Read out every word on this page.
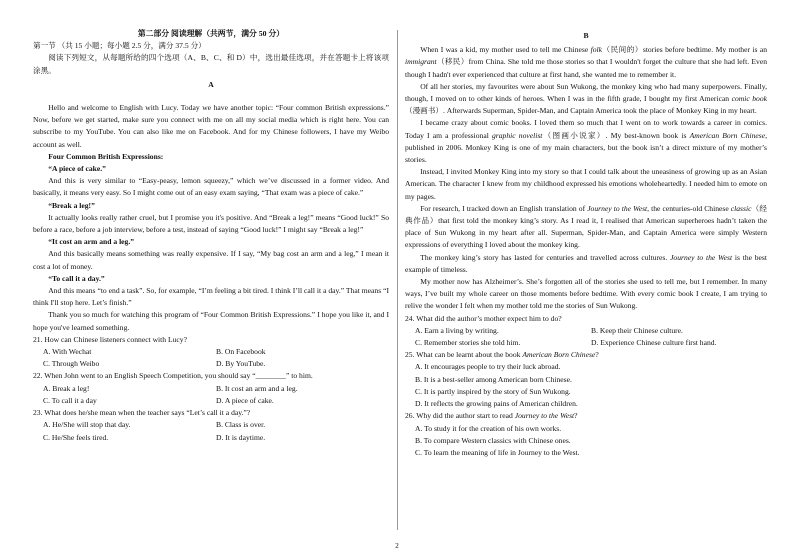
第二部分 阅读理解（共两节，满分 50 分）

第一节 （共 15 小题；每小题 2.5 分，满分 37.5 分）

阅读下列短文，从每题所给的四个选项（A、B、C、和 D）中，选出最佳选项，并在答题卡上将该项涂黑。

A

Hello and welcome to English with Lucy. Today we have another topic: “Four common British expressions.” Now, before we get started, make sure you connect with me on all my social media which is right here. You can subscribe to my YouTube. You can also like me on Facebook. And for my Chinese followers, I have my Weibo account as well.

Four Common British Expressions:

“A piece of cake.”

And this is very similar to “Easy-peasy, lemon squeezy,” which we’ve discussed in a former video. And basically, it means very easy. So I might come out of an easy exam saying, “That exam was a piece of cake.”

“Break a leg!”

It actually looks really rather cruel, but I promise you it's positive. And “Break a leg!” means “Good luck!” So before a race, before a job interview, before a test, instead of saying “Good luck!” I might say “Break a leg!”

“It cost an arm and a leg.”

And this basically means something was really expensive. If I say, “My bag cost an arm and a leg,” I mean it cost a lot of money.

“To call it a day.”

And this means “to end a task”. So, for example, “I’m feeling a bit tired. I think I’ll call it a day.” That means “I think I'll stop here. Let’s finish.”

Thank you so much for watching this program of “Four Common British Expressions.” I hope you like it, and I hope you've learned something.

21. How can Chinese listeners connect with Lucy?

A. With Wechat	B. On Facebook
C. Through Weibo	D. By YouTube.

22. When John went to an English Speech Competition, you should say “________” to him.

A. Break a leg!	B. It cost an arm and a leg.
C. To call it a day	D. A piece of cake.

23. What does he/she mean when the teacher says “Let’s call it a day.”?

A. He/She will stop that day.	B. Class is over.
C. He/She feels tired.	D. It is daytime.

B

When I was a kid, my mother used to tell me Chinese folk（民间的）stories before bedtime. My mother is an immigrant（移民）from China. She told me those stories so that I wouldn't forget the culture that she had left. Even though I hadn't ever experienced that culture at first hand, she wanted me to remember it.

Of all her stories, my favourites were about Sun Wukong, the monkey king who had many superpowers. Finally, though, I moved on to other kinds of heroes. When I was in the fifth grade, I bought my first American comic book（漫画书）. Afterwards Superman, Spider-Man, and Captain America took the place of Monkey King in my heart.

I became crazy about comic books. I loved them so much that I went on to work towards a career in comics. Today I am a professional graphic novelist（图画小说家）. My best-known book is American Born Chinese, published in 2006. Monkey King is one of my main characters, but the book isn’t a direct mixture of my mother’s stories.

Instead, I invited Monkey King into my story so that I could talk about the uneasiness of growing up as an Asian American. The character I knew from my childhood expressed his emotions wholeheartedly. I needed him to emote on my pages.

For research, I tracked down an English translation of Journey to the West, the centuries-old Chinese classic（经典作品）that first told the monkey king’s story. As I read it, I realised that American superheroes hadn’t taken the place of Sun Wukong in my heart after all. Superman, Spider-Man, and Captain America were simply Western expressions of everything I loved about the monkey king.

The monkey king’s story has lasted for centuries and travelled across cultures. Journey to the West is the best example of timeless.

My mother now has Alzheimer’s. She’s forgotten all of the stories she used to tell me, but I remember. In many ways, I’ve built my whole career on those moments before bedtime. With every comic book I create, I am trying to relive the wonder I felt when my mother told me the stories of Sun Wukong.

24. What did the author’s mother expect him to do?

A. Earn a living by writing.	B. Keep their Chinese culture.
C. Remember stories she told him.	D. Experience Chinese culture first hand.

25. What can be learnt about the book American Born Chinese?

A. It encourages people to try their luck abroad.
B. It is a best-seller among American born Chinese.
C. It is partly inspired by the story of Sun Wukong.
D. It reflects the growing pains of American children.

26. Why did the author start to read Journey to the West?

A. To study it for the creation of his own works.
B. To compare Western classics with Chinese ones.
C. To learn the meaning of life in Journey to the West.
2
